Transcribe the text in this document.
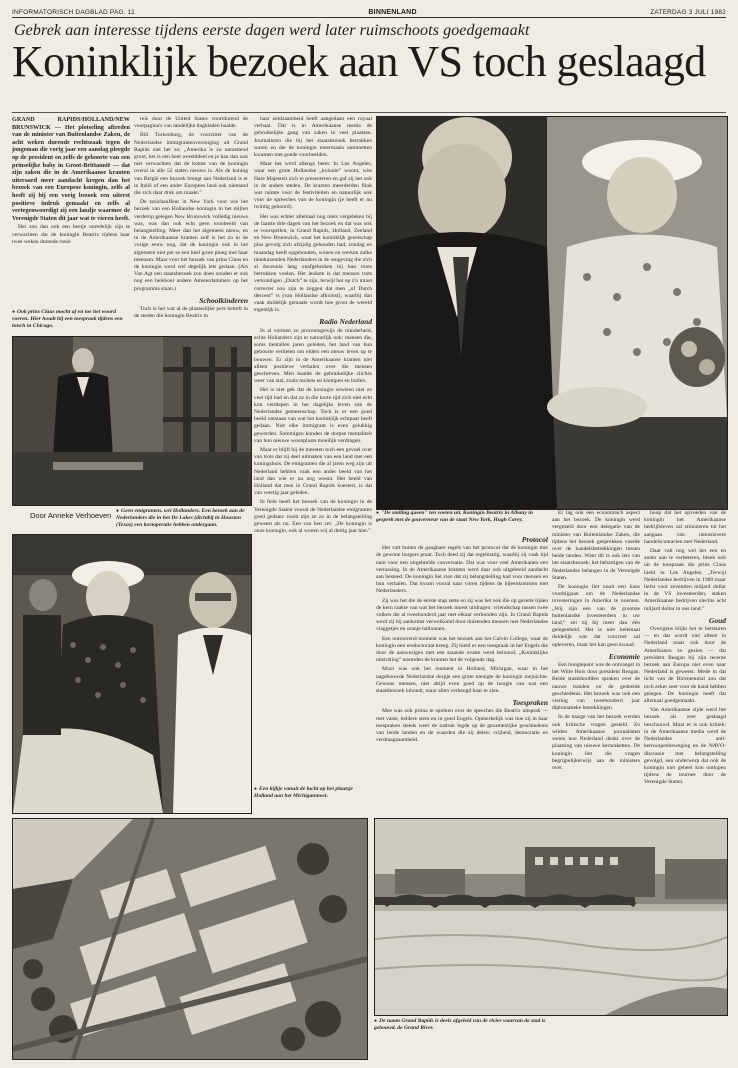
INFORMATORISCH DAGBLAD PAG. 11	BINNENLAND	ZATERDAG 3 JULI 1982
Gebrek aan interesse tijdens eerste dagen werd later ruimschoots goedgemaakt
Koninklijk bezoek aan VS toch geslaagd

GRAND RAPIDS/HOLLAND/NEW BRUNSWICK — Het plotseling aftreden van de minister van Buitenlandse Zaken, de acht weken durende rechtszaak tegen de jongeman die vorig jaar een aanslag pleegde op de president en zelfs de geboorte van een prinselijke baby in Groot-Brittannië — dat zijn zaken die in de Amerikaanse kranten uiteraard meer aandacht kregen dan het bezoek van een Europese koningin, zelfs al heeft zij bij een vorig bezoek een uiterst positieve indruk gemaakt en zelfs al vertegenwoordigt zij een landje waarmee de Verenigde Staten dit jaar wat te vieren heeft.

Het zou dan ook een beetje onredelijk zijn te verwachten dat de koningin Beatrix tijdens haar twee weken durende rond-

reis door de United States voortdurend de voorpagina's van landelijke dagbladen haalde.

Bill Turkenburg, de voorzitter van de Nederlandse immigrantenvereniging uit Grand Rapids ziet het zo: „Amerika is zo ontzettend groot, het is een heel werelddeel en je kan dan ook niet verwachten dat de komst van de koningin overal in alle 52 staten nieuws is. Als de koning van België een bezoek brengt aan Nederland is er in Italië of een ander Europees land ook niemand die zich daar druk om maakt.”

De taxichauffeur in New York voor wie het bezoek van een Hollandse koningin in het mijlen verderop gelegen New Brunswick volledig nieuws was, was dan ook echt geen toonbeeld van belangstelling. Meer dan het algemeen nieuw, en in de Amerikaanse kranten zelf is het zo in de vorige eeuw nog, dat de koningin ook in het algemeen niet per se een heel grote ploeg met haar meenam. Maar voor het bezoek van prins Claus en de koningin werd wel degelijk iets gedaan. (Als Van Agt een staatsbezoek zou doen zouden er ook nog een heleboel andere Amsterdammers op het programma staan.)

Schoolkinderen

Toch is het wat al de plaatselijke pers betreft in de steden die koningin Beatrix in

● Ook prins Claus mocht af en toe het woord voeren. Hier houdt hij een toespraak tijdens een lunch in Chicago.
● Geen emigranten, wel Hollanders. Een bezoek aan de Nederlanders die in het De Lakes (dichtbij in Houston (Texas) een kortoperatie hebben ondergaan.
Door Anneke Verhoeven

haar zeldzaamheid heeft aangedaan een royaal verhaal. Dat is in Amerikaanse media de gebruikelijke gang van zaken in veel plaatsen. Journalisten die bij het staatsbezoek betrokken waren en die de koningin meermaals ontmoetten kwamen met goede voorbeelden.

Maar het werd allengs beter. In Los Angeles, waar een grote Hollandse „kolonie” woont, wist Hare Majesteit zich te presenteren en gaf zij het ook in de andere steden. De kranten meerderden flink wat ruimte voor de festiviteiten en natuurlijk ook voor de spreeches van de koningin (je heeft er nu twintig gehoord).

Het was echter allemaal nog niets vergeleken bij de laatste drie dagen van het bezoek en dat was ook te voorspellen, in Grand Rapids, Holland, Zeeland en New Brunswick, waar het koninklijk gezelschap plus gevolg zich afzijdig gehouden had, zondag en maandag heeft opgehouden, wonen en werken zulke tienduizenden Nederlanders in de omgeving die zich al decennia lang onafgebroken bij hun roots betrokken voelen. Het leukste is dat mensen trots verkondigen „Dutch” te zijn, terwijl het op z'n minst correcter zou zijn te zeggen dat men „of Dutch descent” is (van Hollandse afkomst), waarbij dan vaak duidelijk gemaakt wordt hoe groot de wereld eigenlijk is.

Radio Nederland

In al vormen zo procentsgewijs de minderheid, echte Hollanders zijn er natuurlijk ook: mensen die, soms tientallen jaren geleden, het land van hun geboorte verlieten om elders een nieuw leven op te bouwen. Er zijn in de Amerikaanse kranten niet alleen positieve verhalen over die mensen geschreven. Men haalde de gebruikelijke clichés weer van stal, zoals molens en klompen en bollen.

Het is niet gek dat de koningin sowieso niet zo veel tijd had en dat ze in die korte tijd zich niet echt kon verdiepen in het dagelijks leven van de Nederlandse gemeenschap. Toch is er een goed beeld ontstaan van wat het koninklijk echtpaar heeft gedaan. Niet elke immigrant is even gelukkig geworden. Sommigen konden de dorpse mentaliteit van hun nieuwe woonplaats moeilijk verdragen.

Maar er blijft bij de meesten toch een gevoel over van trots dat zij deel uitmaken van een land met een koningshuis. De emigranten die al jaren weg zijn uit Nederland hebben vaak een ander beeld van het land dan wie er nu nog woont. Het beeld van Holland dat men in Grand Rapids koestert, is dat van veertig jaar geleden.

In feite heeft het bezoek van de koningin in de Verenigde Staten vooral de Nederlandse emigranten goed gedaan: nooit zijn ze zo in de belangstelling geweest als nu. Een van hen zei: „De koningin is onze koningin, ook al wonen wij al dertig jaar hier.”

● Een kijkje vanuit de lucht op het plaatsje Holland aan het Michiganmeer.
● "De smiling queen" ten voeten uit. Koningin Beatrix in Albany in gesprek met de gouverneur van de staat New York, Hugh Carey.
Protocol

Het valt buiten de gangbare regels van het protocol dat de koningin met de gewone burgers praat. Toch deed zij dat regelmatig, waarbij zij vaak tijd nam voor een uitgebreide conversatie. Dat was voor veel Amerikanen een verrassing. In de Amerikaanse kranten werd daar ook uitgebreid aandacht aan besteed. De koningin liet zien dat zij belangstelling had voor mensen en hun verhalen. Dat kwam vooral naar voren tijdens de bijeenkomsten met Nederlanders.

Zij was het die de eerste stap zette en zij was het ook die op gezette tijden de kern raakte van wat het bezoek moest uitdragen: vriendschap tussen twee volken die al tweehonderd jaar met elkaar verbonden zijn. In Grand Rapids werd zij bij aankomst verwelkomd door duizenden mensen met Nederlandse vlaggetjes en oranje ballonnen.

Een ontroerend moment was het bezoek aan het Calvin College, waar de koningin een eredoctoraat kreeg. Zij hield er een toespraak in het Engels die door de aanwezigen met een staande ovatie werd beloond. „Koninklijke uitstraling” noemden de kranten het de volgende dag.

Mooi was ook het moment in Holland, Michigan, waar in het nagebouwde Nederlandse dorpje een grote menigte de koningin toejuichte. Gewone mensen, niet altijd even goed op de hoogte van wat een staatsbezoek inhoudt, maar allen verheugd haar te zien.

Toespraken

Mee was ook prima te spreken over de speeches die Beatrix uitsprak — met vaste, heldere stem en in goed Engels. Opmerkelijk was hoe zij in haar toespraken steeds weer de nadruk legde op de gezamenlijke geschiedenis van beide landen en de waarden die zij delen: vrijheid, democratie en verdraagzaamheid.

Er lag ook een economisch aspect aan het bezoek. De koningin werd vergezeld door een delegatie van de minister van Buitenlandse Zaken, die tijdens het bezoek gesprekken voerde over de handelsbetrekkingen tussen beide landen. Want dit is ook iets van het staatsbezoek: het behartigen van de Nederlandse belangen in de Verenigde Staten.

De koningin liet nooit een kans voorbijgaan om de Nederlandse investeringen in Amerika te noemen. „Wij zijn een van de grootste buitenlandse investeerders in uw land,” zei zij bij meer dan één gelegenheid. Het is niet helemaal duidelijk wat dat concreet zal opleveren, maar het kan geen kwaad.

Economie

Een hoogtepunt was de ontvangst in het Witte Huis door president Reagan. Beide staatshoofden spraken over de nauwe banden en de gedeelde geschiedenis. Het bezoek was ook een viering van tweehonderd jaar diplomatieke betrekkingen.

In de marge van het bezoek werden ook kritische vragen gesteld. Zo wilden Amerikaanse journalisten weten hoe Nederland denkt over de plaatsing van nieuwe kernraketten. De koningin liet die vragen begrijpelijkerwijs aan de ministers over.

hoop dat het opvoeden van de koningin het Amerikaanse bedrijfsleven zal stimuleren tot het aangaan van intensievere handelscontacten met Nederland.

Daar valt nog wel het een en ander aan te verbeteren, bleek ook uit de toespraak die prins Claus hield in Los Angeles. „Terwijl Nederlandse bedrijven in 1980 maar liefst voor zeventien miljard dollar in de VS investeerden, staken Amerikaanse bedrijven slechts acht miljard dollar in ons land.”

Goud

Overigens blijkt het te betreuren — en dat wordt niet alleen in Nederland maar ook door de Amerikanen zo gezien — dat president Reagan bij zijn recente bezoek aan Europa niet even naar Nederland is geweest. Mede in dat licht van de Bicentennial zou dat toch zeker zeer voor de hand hebben gelegen. De koningin heeft dat allemaal goedgemaakt.

Van Amerikaanse zijde werd het bezoek als zeer geslaagd beschouwd. Maar er is ook kritiek: in de Amerikaanse media werd de Nederlandse anti-kernwapenbeweging en de NAVO-discussie met belangstelling gevolgd, een onderwerp dat ook de koningin niet geheel kon ontlopen tijdens de tournee door de Verenigde Staten.

● De naam Grand Rapids is deels afgeleid van de rivier waarvan de stad is gebouwd, de Grand River.
